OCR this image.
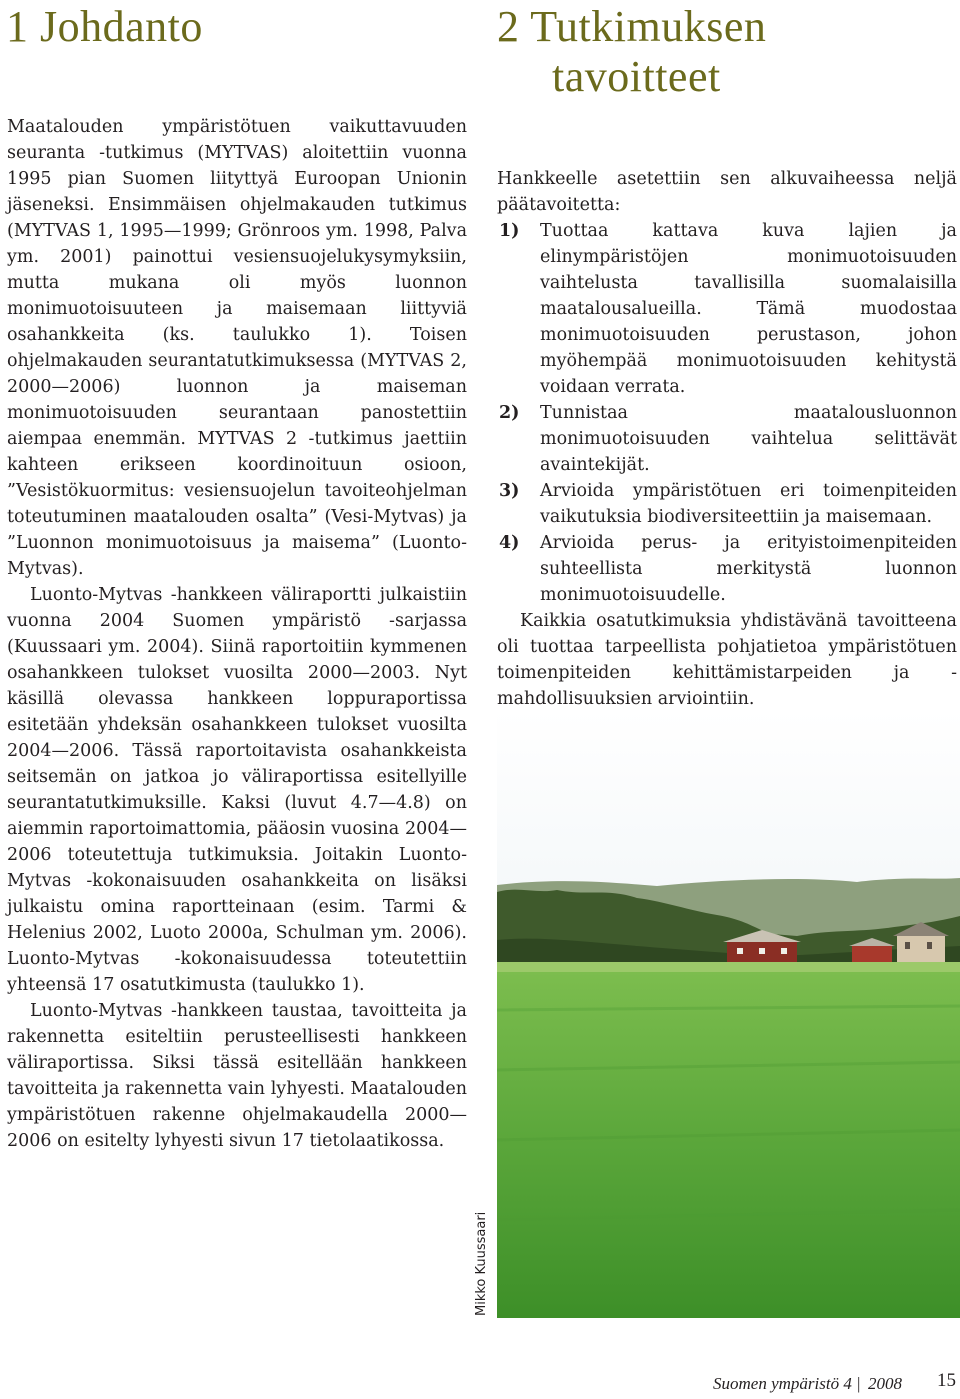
1 Johdanto	2 Tutkimuksen
tavoitteet

Maatalouden ympäristötuen vaikuttavuuden seuranta -tutkimus (MYTVAS) aloitettiin vuonna 1995 pian Suomen liityttyä Euroopan Unionin jäseneksi. Ensimmäisen ohjelmakauden tutkimus (MYTVAS 1, 1995—1999; Grönroos ym. 1998, Palva ym. 2001) painottui vesiensuojelukysymyksiin, mutta mukana oli myös luonnon monimuotoisuuteen ja maisemaan liittyviä osahankkeita (ks. taulukko 1). Toisen ohjelmakauden seurantatutkimuksessa (MYTVAS 2, 2000—2006) luonnon ja maiseman monimuotoisuuden seurantaan panostettiin aiempaa enemmän. MYTVAS 2 -tutkimus jaettiin kahteen erikseen koordinoituun osioon, ”Vesistökuormitus: vesiensuojelun tavoiteohjelman toteutuminen maatalouden osalta” (Vesi-Mytvas) ja ”Luonnon monimuotoisuus ja maisema” (Luonto-Mytvas).

Luonto-Mytvas -hankkeen väliraportti julkaistiin vuonna 2004 Suomen ympäristö -sarjassa (Kuussaari ym. 2004). Siinä raportoitiin kymmenen osahankkeen tulokset vuosilta 2000—2003. Nyt käsillä olevassa hankkeen loppuraportissa esitetään yhdeksän osahankkeen tulokset vuosilta 2004—2006. Tässä raportoitavista osahankkeista seitsemän on jatkoa jo väliraportissa esitellyille seurantatutkimuksille. Kaksi (luvut 4.7—4.8) on aiemmin raportoimattomia, pääosin vuosina 2004—2006 toteutettuja tutkimuksia. Joitakin Luonto-Mytvas -kokonaisuuden osahankkeita on lisäksi julkaistu omina raportteinaan (esim. Tarmi & Helenius 2002, Luoto 2000a, Schulman ym. 2006). Luonto-Mytvas -kokonaisuudessa toteutettiin yhteensä 17 osatutkimusta (taulukko 1).

Luonto-Mytvas -hankkeen taustaa, tavoitteita ja rakennetta esiteltiin perusteellisesti hankkeen väliraportissa. Siksi tässä esitellään hankkeen tavoitteita ja rakennetta vain lyhyesti. Maatalouden ympäristötuen rakenne ohjelmakaudella 2000—2006 on esitelty lyhyesti sivun 17 tietolaatikossa.

Hankkeelle asetettiin sen alkuvaiheessa neljä päätavoitetta:

1) Tuottaa kattava kuva lajien ja elinympäristöjen monimuotoisuuden vaihtelusta tavallisilla suomalaisilla maatalousalueilla. Tämä muodostaa monimuotoisuuden perustason, johon myöhempää monimuotoisuuden kehitystä voidaan verrata.
2) Tunnistaa maatalousluonnon monimuotoisuuden vaihtelua selittävät avaintekijät.
3) Arvioida ympäristötuen eri toimenpiteiden vaikutuksia biodiversiteettiin ja maisemaan.
4) Arvioida perus- ja erityistoimenpiteiden suhteellista merkitystä luonnon monimuotoisuudelle.

Kaikkia osatutkimuksia yhdistävänä tavoitteena oli tuottaa tarpeellista pohjatietoa ympäristötuen toimenpiteiden kehittämistarpeiden ja -mahdollisuuksien arviointiin.

Mikko Kuussaari
Suomen ympäristö 4 | 2008 15
